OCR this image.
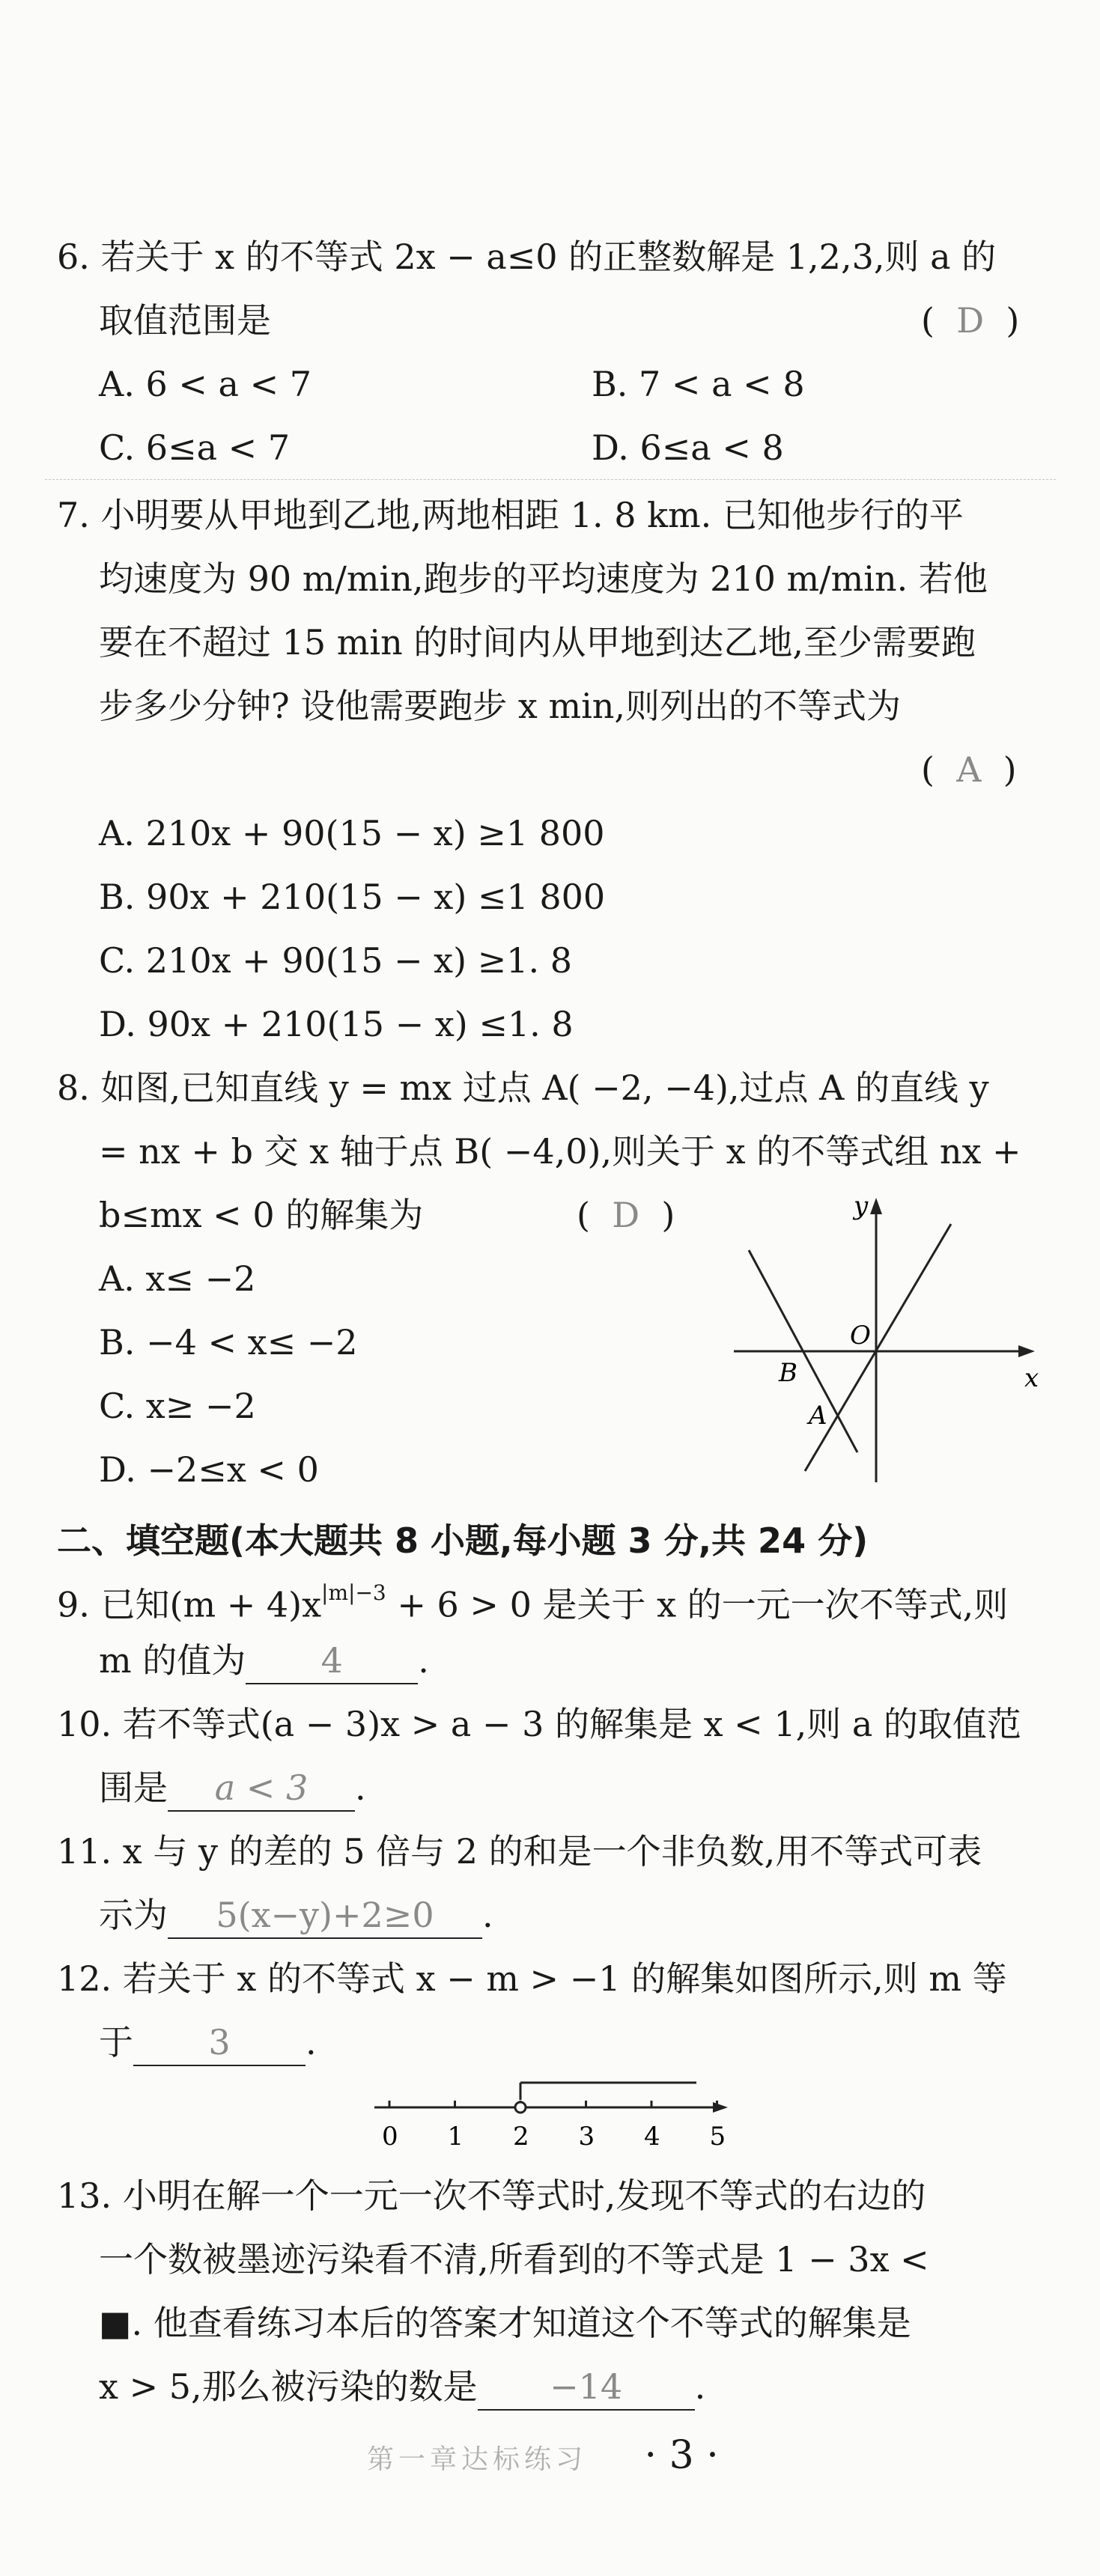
6. 若关于 x 的不等式 2x − a≤0 的正整数解是 1,2,3,则 a 的
取值范围是	(  D  )
A. 6 < a < 7	B. 7 < a < 8
C. 6≤a < 7	D. 6≤a < 8
7. 小明要从甲地到乙地,两地相距 1. 8 km. 已知他步行的平
均速度为 90 m/min,跑步的平均速度为 210 m/min. 若他
要在不超过 15 min 的时间内从甲地到达乙地,至少需要跑
步多少分钟? 设他需要跑步 x min,则列出的不等式为
(  A  )
A. 210x + 90(15 − x) ≥1 800
B. 90x + 210(15 − x) ≤1 800
C. 210x + 90(15 − x) ≥1. 8
D. 90x + 210(15 − x) ≤1. 8
8. 如图,已知直线 y = mx 过点 A( −2, −4),过点 A 的直线 y
= nx + b 交 x 轴于点 B( −4,0),则关于 x 的不等式组 nx +
b≤mx < 0 的解集为	(  D  )
A. x≤ −2
B. −4 < x≤ −2
C. x≥ −2
D. −2≤x < 0
y
x
O
B
A
二、填空题(本大题共 8 小题,每小题 3 分,共 24 分)
9. 已知$(m + 4)x^{|m|-3} + 6 > 0$ 是关于 x 的一元一次不等式,则
m 的值为 4 .
10. 若不等式(a − 3)x > a − 3 的解集是 x < 1,则 a 的取值范
围是 a < 3 .
11. x 与 y 的差的 5 倍与 2 的和是一个非负数,用不等式可表
示为 5(x−y)+2≥0 .
12. 若关于 x 的不等式 x − m > −1 的解集如图所示,则 m 等
于 3 .
0 1 2 3 4 5
13. 小明在解一个一元一次不等式时,发现不等式的右边的
一个数被墨迹污染看不清,所看到的不等式是 1 − 3x <
■. 他查看练习本后的答案才知道这个不等式的解集是
x > 5,那么被污染的数是 −14 .
第一章达标练习 · 3 ·
